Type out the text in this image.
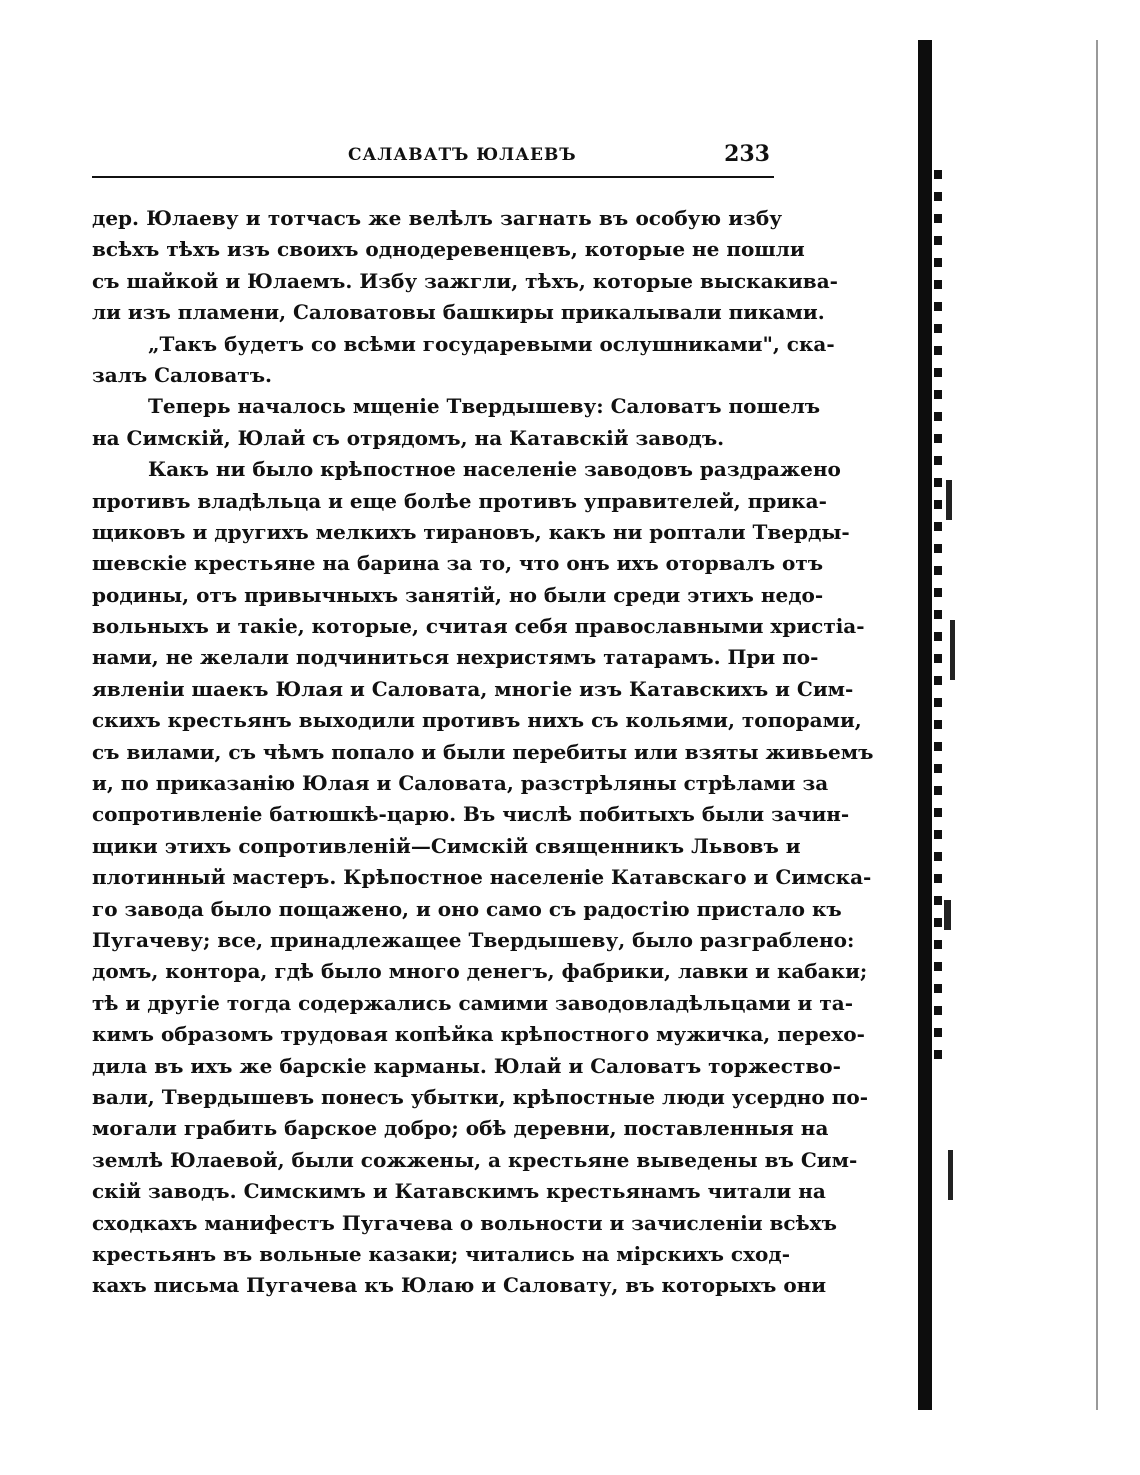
САЛАВАТЪ ЮЛАЕВЪ	233
дер. Юлаеву и тотчасъ же велѣлъ загнать въ особую избу
всѣхъ тѣхъ изъ своихъ однодеревенцевъ, которые не пошли
съ шайкой и Юлаемъ. Избу зажгли, тѣхъ, которые выскакива-
ли изъ пламени, Саловатовы башкиры прикалывали пиками.
„Такъ будетъ со всѣми государевыми ослушниками", ска-
залъ Саловатъ.
Теперь началось мщеніе Твердышеву: Саловатъ пошелъ
на Симскій, Юлай съ отрядомъ, на Катавскій заводъ.
Какъ ни было крѣпостное населеніе заводовъ раздражено
противъ владѣльца и еще болѣе противъ управителей, прика-
щиковъ и другихъ мелкихъ тирановъ, какъ ни роптали Тверды-
шевскіе крестьяне на барина за то, что онъ ихъ оторвалъ отъ
родины, отъ привычныхъ занятій, но были среди этихъ недо-
вольныхъ и такіе, которые, считая себя православными христіа-
нами, не желали подчиниться нехристямъ татарамъ. При по-
явленіи шаекъ Юлая и Саловата, многіе изъ Катавскихъ и Сим-
скихъ крестьянъ выходили противъ нихъ съ кольями, топорами,
съ вилами, съ чѣмъ попало и были перебиты или взяты живьемъ
и, по приказанію Юлая и Саловата, разстрѣляны стрѣлами за
сопротивленіе батюшкѣ-царю. Въ числѣ побитыхъ были зачин-
щики этихъ сопротивленій—Симскій священникъ Львовъ и
плотинный мастеръ. Крѣпостное населеніе Катавскаго и Симска-
го завода было пощажено, и оно само съ радостію пристало къ
Пугачеву; все, принадлежащее Твердышеву, было разграблено:
домъ, контора, гдѣ было много денегъ, фабрики, лавки и кабаки;
тѣ и другіе тогда содержались самими заводовладѣльцами и та-
кимъ образомъ трудовая копѣйка крѣпостного мужичка, перехо-
дила въ ихъ же барскіе карманы. Юлай и Саловатъ торжество-
вали, Твердышевъ понесъ убытки, крѣпостные люди усердно по-
могали грабить барское добро; обѣ деревни, поставленныя на
землѣ Юлаевой, были сожжены, а крестьяне выведены въ Сим-
скій заводъ. Симскимъ и Катавскимъ крестьянамъ читали на
сходкахъ манифестъ Пугачева о вольности и зачисленіи всѣхъ
крестьянъ въ вольные казаки; читались на мірскихъ сход-
кахъ письма Пугачева къ Юлаю и Саловату, въ которыхъ они
